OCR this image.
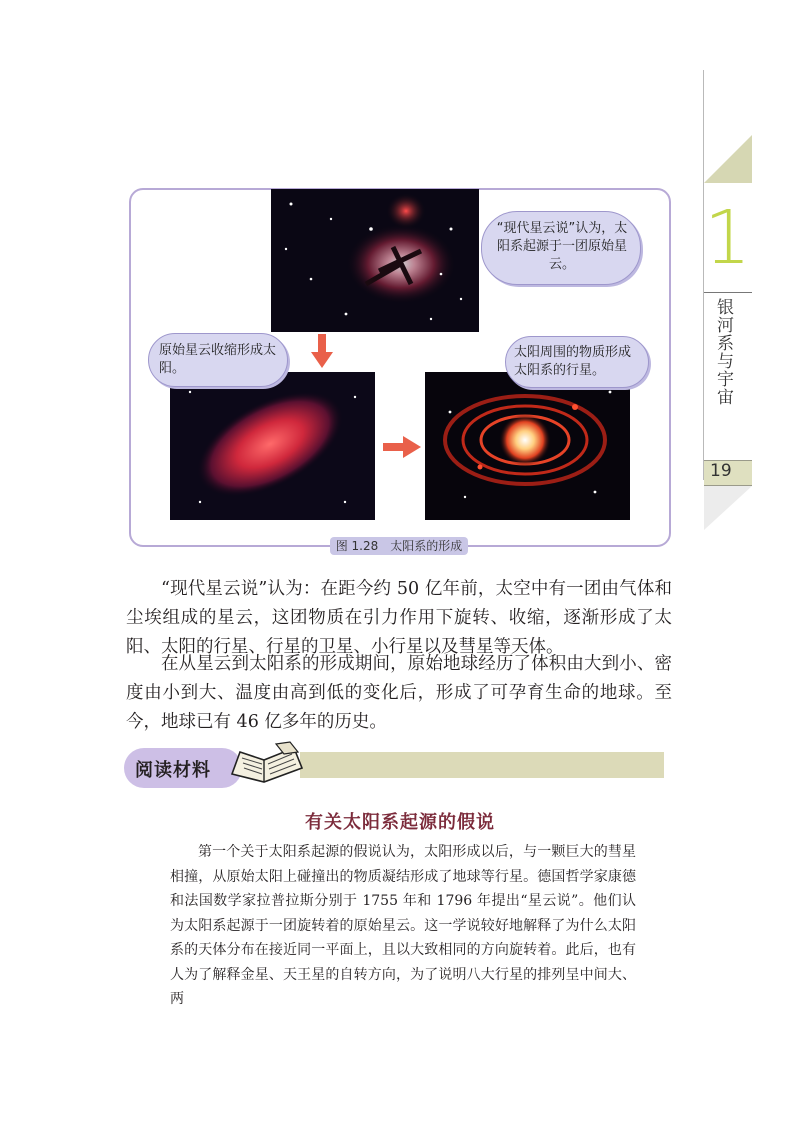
1
银河系与宇宙
19
“现代星云说”认为，太阳系起源于一团原始星云。
原始星云收缩形成太阳。
太阳周围的物质形成太阳系的行星。
图 1.28　太阳系的形成

“现代星云说”认为：在距今约 50 亿年前，太空中有一团由气体和尘埃组成的星云，这团物质在引力作用下旋转、收缩，逐渐形成了太阳、太阳的行星、行星的卫星、小行星以及彗星等天体。

在从星云到太阳系的形成期间，原始地球经历了体积由大到小、密度由小到大、温度由高到低的变化后，形成了可孕育生命的地球。至今，地球已有 46 亿多年的历史。

阅读材料
有关太阳系起源的假说

第一个关于太阳系起源的假说认为，太阳形成以后，与一颗巨大的彗星相撞，从原始太阳上碰撞出的物质凝结形成了地球等行星。德国哲学家康德和法国数学家拉普拉斯分别于 1755 年和 1796 年提出“星云说”。他们认为太阳系起源于一团旋转着的原始星云。这一学说较好地解释了为什么太阳系的天体分布在接近同一平面上，且以大致相同的方向旋转着。此后，也有人为了解释金星、天王星的自转方向，为了说明八大行星的排列呈中间大、两
